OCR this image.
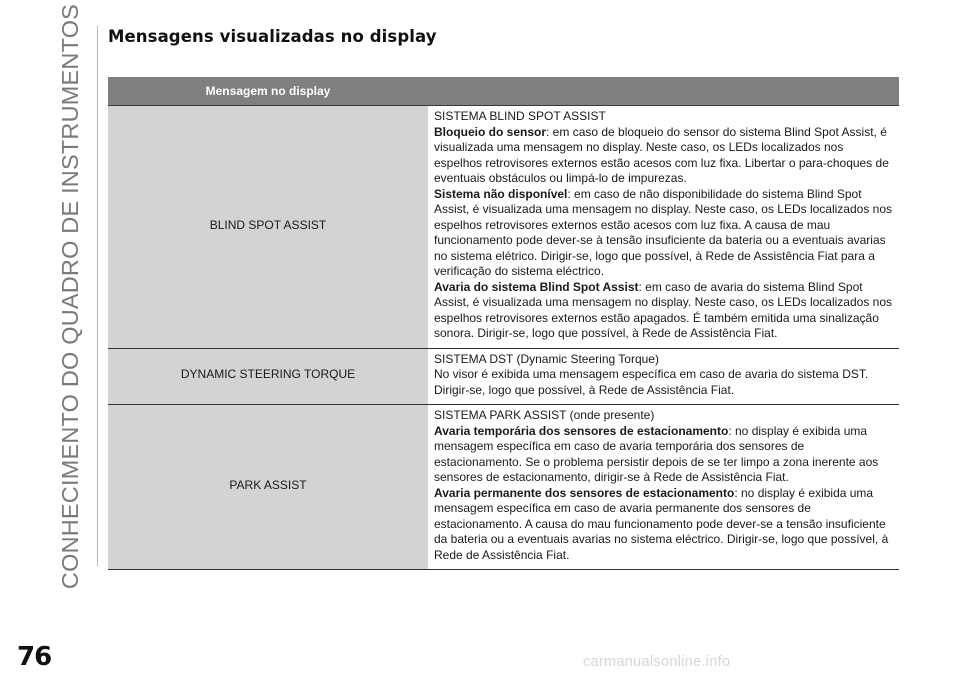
CONHECIMENTO DO QUADRO DE INSTRUMENTOS Mensagens visualizadas no display
Mensagem no display	
BLIND SPOT ASSIST	SISTEMA BLIND SPOT ASSIST

Bloqueio do sensor: em caso de bloqueio do sensor do sistema Blind Spot Assist, é visualizada uma mensagem no display. Neste caso, os LEDs localizados nos espelhos retrovisores externos estão acesos com luz fixa. Libertar o para-choques de eventuais obstáculos ou limpá-lo de impurezas.

Sistema não disponível: em caso de não disponibilidade do sistema Blind Spot Assist, é visualizada uma mensagem no display. Neste caso, os LEDs localizados nos espelhos retrovisores externos estão acesos com luz fixa. A causa de mau funcionamento pode dever-se à tensão insuficiente da bateria ou a eventuais avarias no sistema elétrico. Dirigir-se, logo que possível, à Rede de Assistência Fiat para a verificação do sistema eléctrico.

Avaria do sistema Blind Spot Assist: em caso de avaria do sistema Blind Spot Assist, é visualizada uma mensagem no display. Neste caso, os LEDs localizados nos espelhos retrovisores externos estão apagados. É também emitida uma sinalização sonora. Dirigir-se, logo que possível, à Rede de Assistência Fiat.

DYNAMIC STEERING TORQUE	SISTEMA DST (Dynamic Steering Torque)

No visor é exibida uma mensagem específica em caso de avaria do sistema DST. Dirigir-se, logo que possível, à Rede de Assistência Fiat.

PARK ASSIST	SISTEMA PARK ASSIST (onde presente)

Avaria temporária dos sensores de estacionamento: no display é exibida uma mensagem específica em caso de avaria temporária dos sensores de estacionamento. Se o problema persistir depois de se ter limpo a zona inerente aos sensores de estacionamento, dirigir-se à Rede de Assistência Fiat.

Avaria permanente dos sensores de estacionamento: no display é exibida uma mensagem específica em caso de avaria permanente dos sensores de estacionamento. A causa do mau funcionamento pode dever-se a tensão insuficiente da bateria ou a eventuais avarias no sistema eléctrico. Dirigir-se, logo que possível, à Rede de Assistência Fiat.

76	carmanualsonline.info
